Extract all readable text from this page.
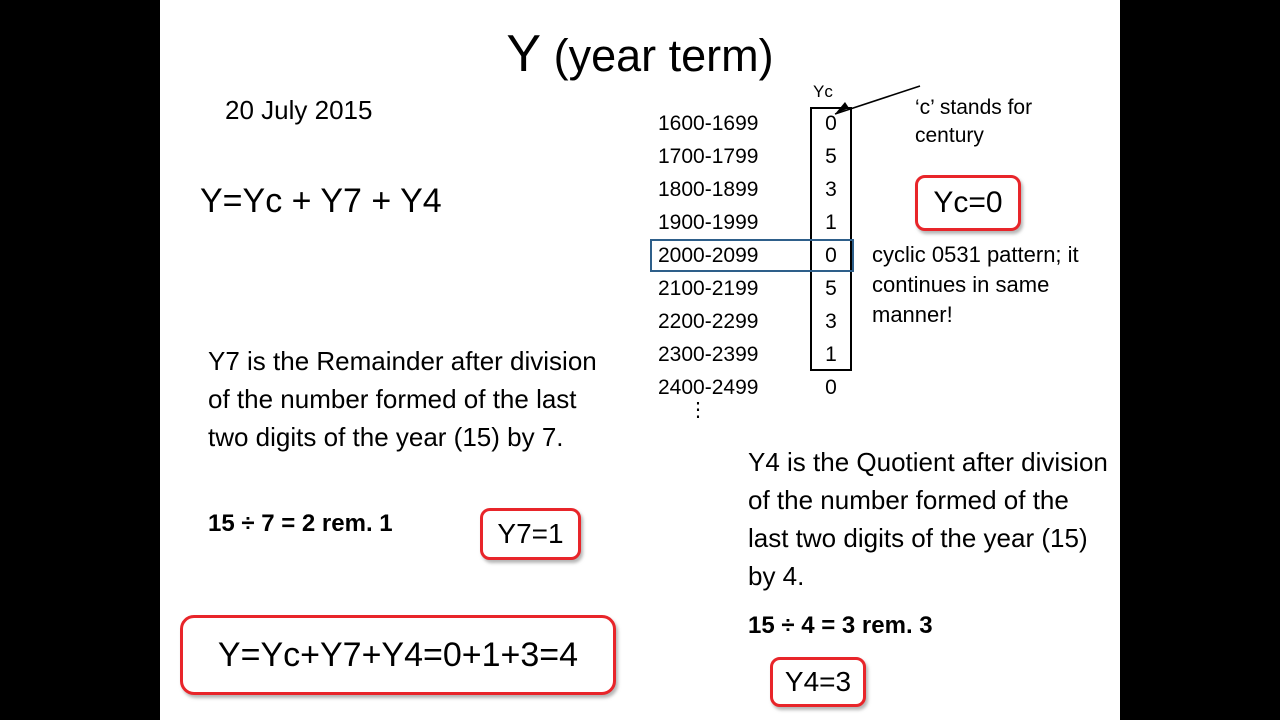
Y (year term)
20 July 2015
Y=Yc + Y7 + Y4
Y7 is the Remainder after division of the number formed of the last two digits of the year (15) by 7.
15 ÷ 7 = 2 rem. 1	Y7=1
Y4 is the Quotient after division of the number formed of the last two digits of the year (15) by 4.
15 ÷ 4 = 3 rem. 3
Y4=3
Yc=0
Y=Yc+Y7+Y4=0+1+3=4
Yc
1600-1699	0
1700-1799	5
1800-1899	3
1900-1999	1
2000-2099	0
2100-2199	5
2200-2299	3
2300-2399	1
2400-2499	0
⋮
‘c’ stands for century
cyclic 0531 pattern; it continues in same manner!
